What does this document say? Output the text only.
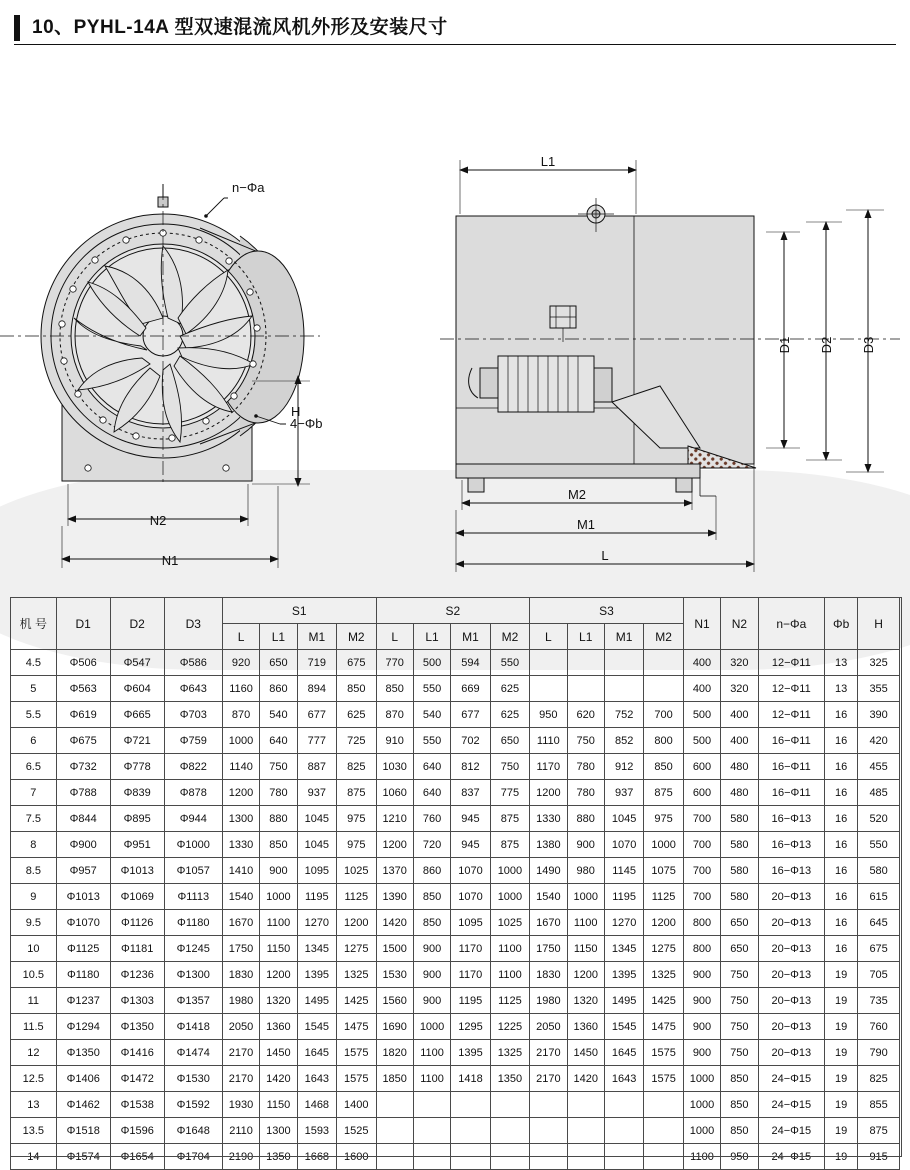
10、PYHL-14A 型双速混流风机外形及安装尺寸
n−Φa
4−Φb
H
N2
N1
L1
M2
M1
L
D1 D2 D3
机 号	D1	D2	D3	S1				S2				S3				N1	N2	n−Φa	Φb	H
				L	L1	M1	M2	L	L1	M1	M2	L	L1	M1	M2					
4.5	Φ506	Φ547	Φ586	920	650	719	675	770	500	594	550					400	320	12−Φ11	13	325
5	Φ563	Φ604	Φ643	1160	860	894	850	850	550	669	625					400	320	12−Φ11	13	355
5.5	Φ619	Φ665	Φ703	870	540	677	625	870	540	677	625	950	620	752	700	500	400	12−Φ11	16	390
6	Φ675	Φ721	Φ759	1000	640	777	725	910	550	702	650	1110	750	852	800	500	400	16−Φ11	16	420
6.5	Φ732	Φ778	Φ822	1140	750	887	825	1030	640	812	750	1170	780	912	850	600	480	16−Φ11	16	455
7	Φ788	Φ839	Φ878	1200	780	937	875	1060	640	837	775	1200	780	937	875	600	480	16−Φ11	16	485
7.5	Φ844	Φ895	Φ944	1300	880	1045	975	1210	760	945	875	1330	880	1045	975	700	580	16−Φ13	16	520
8	Φ900	Φ951	Φ1000	1330	850	1045	975	1200	720	945	875	1380	900	1070	1000	700	580	16−Φ13	16	550
8.5	Φ957	Φ1013	Φ1057	1410	900	1095	1025	1370	860	1070	1000	1490	980	1145	1075	700	580	16−Φ13	16	580
9	Φ1013	Φ1069	Φ1113	1540	1000	1195	1125	1390	850	1070	1000	1540	1000	1195	1125	700	580	20−Φ13	16	615
9.5	Φ1070	Φ1126	Φ1180	1670	1100	1270	1200	1420	850	1095	1025	1670	1100	1270	1200	800	650	20−Φ13	16	645
10	Φ1125	Φ1181	Φ1245	1750	1150	1345	1275	1500	900	1170	1100	1750	1150	1345	1275	800	650	20−Φ13	16	675
10.5	Φ1180	Φ1236	Φ1300	1830	1200	1395	1325	1530	900	1170	1100	1830	1200	1395	1325	900	750	20−Φ13	19	705
11	Φ1237	Φ1303	Φ1357	1980	1320	1495	1425	1560	900	1195	1125	1980	1320	1495	1425	900	750	20−Φ13	19	735
11.5	Φ1294	Φ1350	Φ1418	2050	1360	1545	1475	1690	1000	1295	1225	2050	1360	1545	1475	900	750	20−Φ13	19	760
12	Φ1350	Φ1416	Φ1474	2170	1450	1645	1575	1820	1100	1395	1325	2170	1450	1645	1575	900	750	20−Φ13	19	790
12.5	Φ1406	Φ1472	Φ1530	2170	1420	1643	1575	1850	1100	1418	1350	2170	1420	1643	1575	1000	850	24−Φ15	19	825
13	Φ1462	Φ1538	Φ1592	1930	1150	1468	1400									1000	850	24−Φ15	19	855
13.5	Φ1518	Φ1596	Φ1648	2110	1300	1593	1525									1000	850	24−Φ15	19	875
14	Φ1574	Φ1654	Φ1704	2190	1350	1668	1600									1100	950	24−Φ15	19	915
